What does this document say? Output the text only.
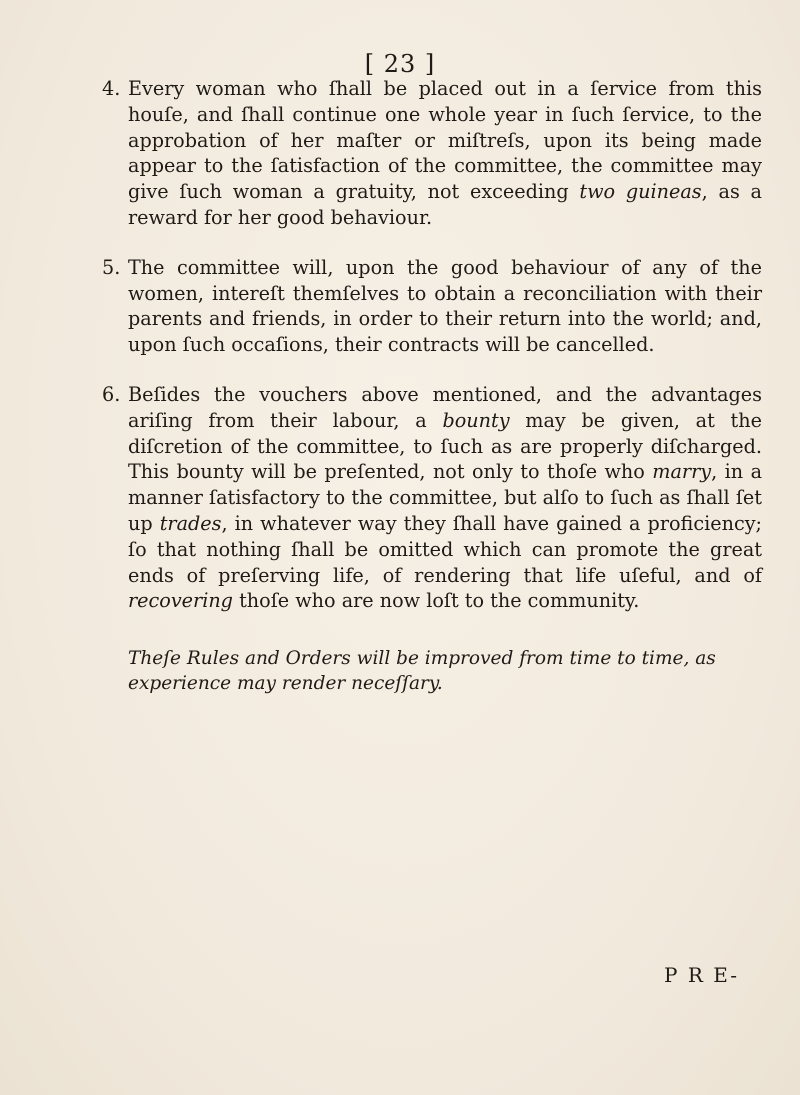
[ 23 ]

4. Every woman who ſhall be placed out in a ſervice from this houſe, and ſhall continue one whole year in ſuch ſervice, to the approbation of her maſter or miſtreſs, upon its being made appear to the ſatisfaction of the committee, the committee may give ſuch woman a gratuity, not exceeding two guineas, as a reward for her good behaviour.

5. The committee will, upon the good behaviour of any of the women, intereſt themſelves to obtain a reconciliation with their parents and friends, in order to their return into the world; and, upon ſuch occaſions, their contracts will be cancelled.

6. Beſides the vouchers above mentioned, and the advantages ariſing from their labour, a bounty may be given, at the diſcretion of the committee, to ſuch as are properly diſcharged. This bounty will be preſented, not only to thoſe who marry, in a manner ſatisfactory to the committee, but alſo to ſuch as ſhall ſet up trades, in whatever way they ſhall have gained a proficiency; ſo that nothing ſhall be omitted which can promote the great ends of preſerving life, of rendering that life uſeful, and of recovering thoſe who are now loſt to the community.

Theſe Rules and Orders will be improved from time to time, as experience may render neceſſary.

P R E-
